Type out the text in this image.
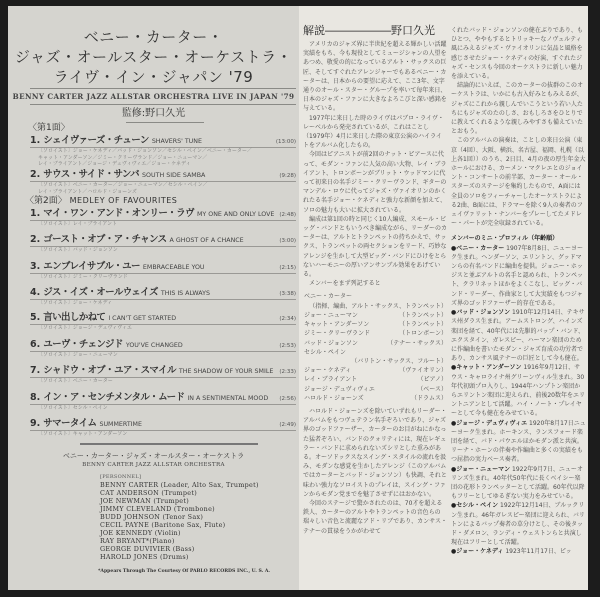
ベニー・カーター・
ジャズ・オールスター・オーケストラ・
ライヴ・イン・ジャパン '79
BENNY CARTER JAZZ ALLSTAR ORCHESTRA LIVE IN JAPAN '79
監修:野口久光
〈第1面〉
〈第2面〉 MEDLEY OF FAVOURITES
1. シェイヴァーズ・チューン SHAVERS' TUNE	(13:00)
〔ソロイスト〕ジョー・ケネディ／バッド・ジョンソン／セシル・ペイン／ベニー・カーター／
キャット・アンダーソン／ジミー・クリーヴランド／ジョー・ニューマン／
レイ・ブライアント／ジョージ・デュヴィヴィエ／ジョー・ケネディ
2. サウス・サイド・サンバ SOUTH SIDE SAMBA	(9:28)
〔ソロイスト〕ベニー・カーター／ジョー・ニューマン／セシル・ペイン／
レイ・ブライアント／ハロルド・ジョーンズ
1. マイ・ワン・アンド・オンリー・ラヴ MY ONE AND ONLY LOVE (2:48)
〔ソロイスト〕レイ・ブライアント
2. ゴースト・オブ・ア・チャンス A GHOST OF A CHANCE	(3:00)
〔ソロイスト〕バッド・ジョンソン
3. エンブレイサブル・ユー EMBRACEABLE YOU	(2:15)
〔ソロイスト〕ジミー・クリーヴランド
4. ジス・イズ・オールウェイズ THIS IS ALWAYS	(3:38)
〔ソロイスト〕ジョー・ケネディ
5. 言い出しかねて I CAN'T GET STARTED	(2:34)
〔ソロイスト〕ジョージ・デュヴィヴィエ
6. ユーヴ・チェンジド YOU'VE CHANGED	(2:53)
〔ソロイスト〕ジョー・ニューマン
7. シャドウ・オブ・ユア・スマイル THE SHADOW OF YOUR SMILE	(2:33)
〔ソロイスト〕ベニー・カーター
8. イン・ア・センチメンタル・ムード IN A SENTIMENTAL MOOD	(2:56)
〔ソロイスト〕セシル・ペイン
9. サマータイム SUMMERTIME	(2:49)
〔ソロイスト〕キャット・アンダーソン
ベニー・カーター・ジャズ・オールスター・オーケストラ
BENNY CARTER JAZZ ALLSTAR ORCHESTRA
[PERSONNEL]
BENNY CARTER (Leader, Alto Sax, Trumpet)
CAT ANDERSON (Trumpet)
JOE NEWMAN (Trumpet)
JIMMY CLEVELAND (Trombone)
BUDD JOHNSON (Tenor Sax)
CECIL PAYNE (Baritone Sax, Flute)
JOE KENNEDY (Violin)
RAY BRYANT*(Piano)
GEORGE DUVIVIER (Bass)
HAROLD JONES (Drums)
*Appears Through The Courtesy Of PABLO RECORDS INC., U. S. A.

解説――――――野口久光

アメリカのジャズ界に半世紀を超える輝かしい活躍実績をもち、今も現役としてミュージシャンの人望をあつめ、敬愛の的になっているアルト・サックスの巨匠、そしてすぐれたアレンジャーでもあるベニー・カーターは、日本からの要望に応えて、ここ3年、文字通りのオール・スター・グループを率いて毎年来日、日本のジャズ・ファンに大きなよろこびと深い感銘を与えている。

1977年に来日した時のライヴはパブロ・ライヴ・レーベルから発売されているが、これはことし（1979年）4月に来日した際の東京公演のハイライトをアルバム化したもの。

今回はピアニストが前2回のナット・ピアースに代って、モダン・ファンに人気の高い大物、レイ・ブライアント、トロンボーンがブリット・ウッドマンに代って初来日の名手ジミー・クリーヴランド、ギターのマンデル・ロウに代ってジャズ・ヴァイオリンのかくれたる名手ジョー・ケネディと強力な新顔を加えて、ソロの魅力も大いに拡大されている。

編成は第1回の時と同じく10人編成、スモール・ビッグ・バンドともいうべき編成ながら、リーダーのカーターは、アルトとトランペットの持ちかえで、サックス、トランペットの両セクションをリード、巧妙なアレンジを生かして大型ビッグ・バンドにひけをとらないハーモニーの厚いアンサンブル効果をあげている。

メンバーをまず列記すると

ベニー・カーター
（指揮、編曲、アルト・サックス、トランペット）
ジョー・ニューマン	（トランペット）
キャット・アンダーソン	（トランペット）
ジミー・クリーヴランド	（トロンボーン）
バッド・ジョンソン	（テナー・サックス）
セシル・ペイン
（バリトン・サックス、フルート）
ジョー・ケネディ	（ヴァイオリン）
レイ・ブライアント	（ピアノ）
ジョージ・デュヴィヴィエ	（ベース）
ハロルド・ジョーンズ	（ドラムス）

ハロルド・ジョーンズを除いていずれもリーダー・アルバムをもつヴェテラン名手ぞろいであり、ジャズ界のゴッドファーザー、カーターのお目がねにかなった猛者ぞろい、バンドのクォリティには、現在レギュラー・バンドに求められないズシリとした重みがある。オーソドックスなスイング・スタイルの流れを汲み、モダンな感覚を生かしたアレンジ（このアルバムではカーターとバッド・ジョンソン）も快調、それと味わい強力なソロイストのプレイは、スイング・ファンからモダン党までを魅了させずにはおかない。

今回のステージで驚かされたのは、70才を超える鉄人、カーターのアルトやトランペットの音色らの瑞々しい音色と流麗なアド・リブであり、カンサス・テナーの貫禄をうかがわせて

くれたバッド・ジョンソンの健在ぶりであり、もひとつ、ややもするとトリッキーなノヴェルティ風にみえるジャズ・ヴァイオリンに気品と風格を感じさせたジョー・ケネディの好演、すぐれたジャズ・センスも今回のオーケストラに新しい魅力を添えている。

結論的にいえば、このカーターの抜群のこのオーケストラは、いかにも古入好みともみえるが、ジャズにこれから親しんでいこうという若い人たちにもジャズのたのしさ、おもしろさをひとりでに教えてくれるような親しみやすさも備えていたとおもう。

このアルバムの演奏は、ことしの来日公演（東京（4回）、大阪、横浜、名古屋、福岡、札幌（以上各1回））のうち、2日目、4月の夜の厚生年金大ホールにおける、カーメン・マクレエとのジョイント・コンサートの前半部、カーター・オール・スターズのステージを集約したもので、A面には全員のソロをフィーチャーしたオーケストラによる2曲、B面には、ドラマーを除く9人の奏者のフェイヴァリット・ナンバーをプレーしてたメドレー・パートが完全収録されている。

メンバーのミニ・プロフィル（年齢順）

●ベニー・カーター 1907年8月8日、ニューヨーク生まれ。ヘンダーソン、エリントン、グッドマンらの有名バンドに編曲を提供。ジョニー・ホッジスと並ぶアルトの名手と認められ、トランペット、クラリネットほかをよくこなし、ビッグ・バンド・リーダー、作曲家として大実績をもつジャズ界のゴッドファーザー的存在である。

●バッド・ジョンソン 1910年12月14日、テキサス州ダラス生まれ。アームストロング、ハインズ楽団を経て、40年代には先駆的バップ・バンド、エクスタイン、ガレスピー、ハーマン楽団のために作編曲を書いたモダン・ジャズ育成の功労者であり、カンサス風テナーの巨匠として今も健在。

●キャット・アンダーソン 1916年9月12日、サウス・キャロライナ州グリーンヴィル生まれ。30年代初頭プロ入りし、1944年ハンプトン楽団からエリントン楽団に迎えられ、前後20数年をエリントニアンとして活躍。ハイ・ノート・プレイヤーとして今も健在をみせている。

●ジョージ・デュヴィヴィエ 1920年8月17日ニューヨーク生まれ。ホーキンス、ランスフォード楽団を経て、バド・パウエルほかモダン派と共演。リーナ・ホーンの伴奏や作編曲と多くの実績をもつ屈指の実力ベース奏者。

●ジョー・ニューマン 1922年9月7日、ニューオリンズ生まれ。40年代50年代に長くベイシー楽団の花形トランペッターとして活躍。60年代以降もフリーとしてゆるぎない実力をみせている。

●セシル・ペイン 1922年12月14日、ブルックリン生まれ。46年ガレスピー楽団に迎えられ、バリトンによるバップ奏者の草分けとし、その後タッド・ダメロン、ランディ・ウェストンらと共演し現在はフリーとして活躍。

●ジョー・ケネディ 1923年11月17日、ピッ
